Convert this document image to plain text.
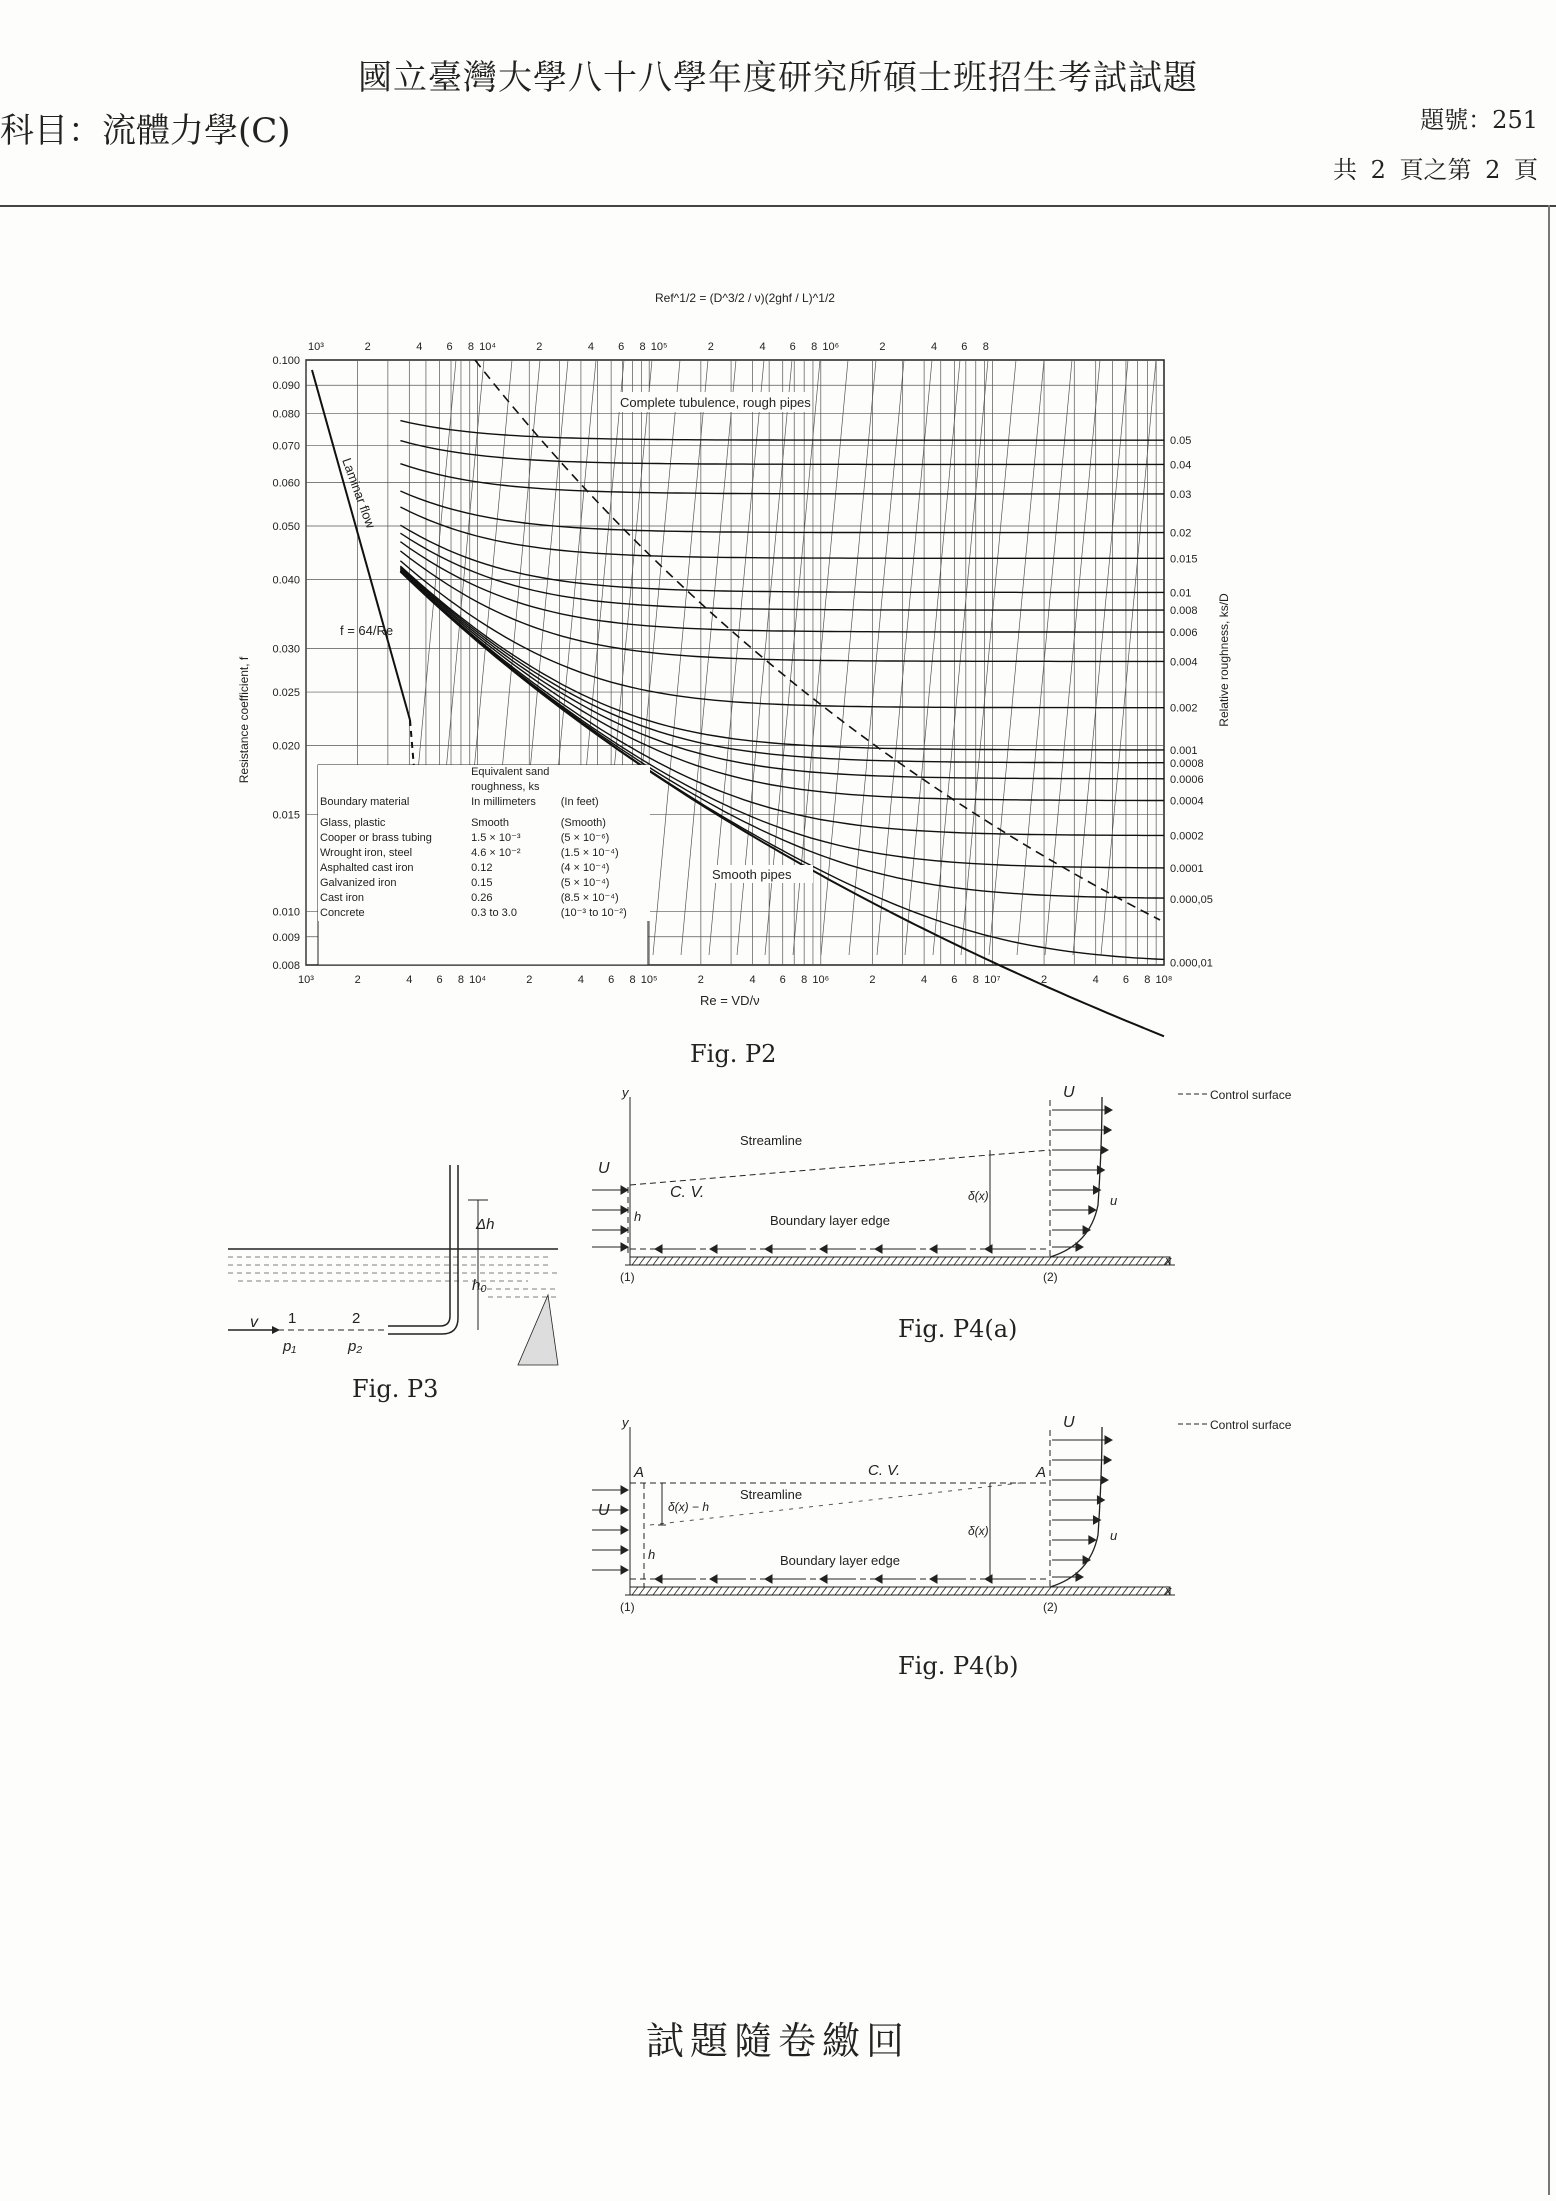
國立臺灣大學八十八學年度研究所碩士班招生考試試題
科目：流體力學(C)	題號：251
共 2 頁之第 2 頁
Ref^1/2 = (D^3/2 / ν)(2ghf / L)^1/2
10³	2	4 6 8 10⁴	2	4 6 8 10⁵	2	4 6 8 10⁶	2	4 6 8
10³	2	4 6 8 10⁴	2	4 6 8 10⁵	2	4 6 8 10⁶	2	4 6 8 10⁷	2	4 6 8 10⁸
0.100
0.090
0.080
0.070
0.060
0.050
0.040
0.030
0.025
0.020
0.015
0.010
0.009
0.008
0.05
0.04
0.03
0.02
0.015
0.01
0.008
0.006
0.004
0.002
0.001
0.0008
0.0006
0.0004
0.0002
0.0001
0.000,05
0.000,01
Complete tubulence, rough pipes
Laminar flow
f = 64/Re
Smooth pipes
Re = VD/ν
Resistance coefficient, f	Relative roughness, ks/D
	Equivalent sand	
	roughness, ks	
Boundary material	In millimeters	(In feet)

Glass, plastic	Smooth	(Smooth)
Cooper or brass tubing	1.5 × 10⁻³	(5 × 10⁻⁶)
Wrought iron, steel	4.6 × 10⁻²	(1.5 × 10⁻⁴)
Asphalted cast iron	0.12	(4 × 10⁻⁴)
Galvanized iron	0.15	(5 × 10⁻⁴)
Cast iron	0.26	(8.5 × 10⁻⁴)
Concrete	0.3 to 3.0	(10⁻³ to 10⁻²)
Fig. P2
v 1	2
p₁	p₂
Δh
h₀
Fig. P3
y
x
U
U
Streamline
C. V.	δ(x)
h
u
Boundary layer edge
(1)	(2)
Control surface
Fig. P4(a)
y
x
U
U
A	A
Streamline
C. V.
δ(x)
δ(x) − h
h
u
Boundary layer edge
(1)	(2)
Control surface
Fig. P4(b)
試題隨卷繳回
